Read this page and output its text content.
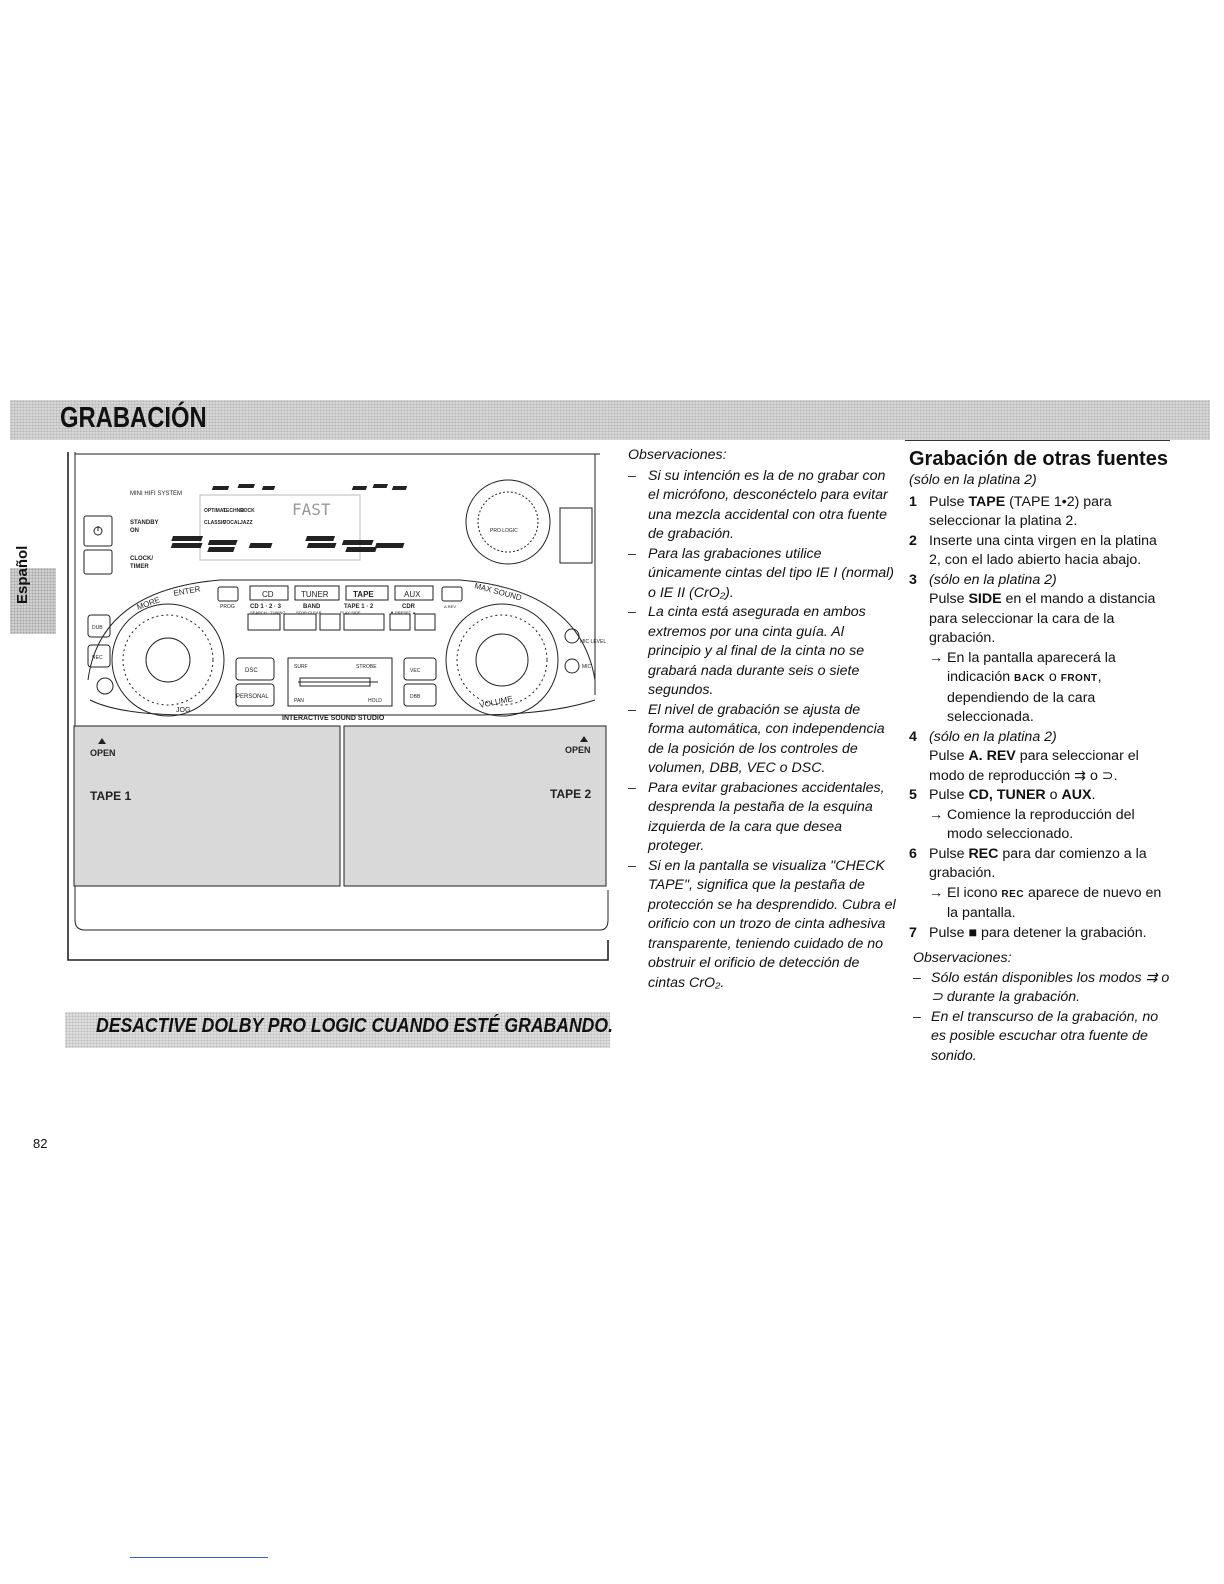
GRABACIÓN
Español
MINI HIFI SYSTEM
FAST
OPTIMAL
TECHNO
ROCK
CLASSIC
VOCAL JAZZ
STANDBY
ON
CLOCK/
TIMER
PRO LOGIC
MORE
ENTER
PROG
CD	TUNER	TAPE	AUX
CD 1 · 2 · 3	BAND	TAPE 1 · 2	CDR	A.REV
SEARCH · TUNING	STOP·CLEAR	PLAY·SIDE	▼ PRESET ▲
MAX SOUND
DSC
PERSONAL
SURF	STROBE
PAN	HOLD
VEC
DBB
JOG
VOLUME
MIC LEVEL
MIC
DUB
REC
INTERACTIVE SOUND STUDIO
OPEN	OPEN
TAPE 1	TAPE 2
Observaciones:
– Si su intención es la de no grabar con el micrófono, desconéctelo para evitar una mezcla accidental con otra fuente de grabación.
– Para las grabaciones utilice únicamente cintas del tipo IE I (normal) o IE II (CrO₂).
– La cinta está asegurada en ambos extremos por una cinta guía. Al principio y al final de la cinta no se grabará nada durante seis o siete segundos.
– El nivel de grabación se ajusta de forma automática, con independencia de la posición de los controles de volumen, DBB, VEC o DSC.
– Para evitar grabaciones accidentales, desprenda la pestaña de la esquina izquierda de la cara que desea proteger.
– Si en la pantalla se visualiza "CHECK TAPE", significa que la pestaña de protección se ha desprendido. Cubra el orificio con un trozo de cinta adhesiva transparente, teniendo cuidado de no obstruir el orificio de detección de cintas CrO₂.
Grabación de otras fuentes
(sólo en la platina 2)
1 Pulse TAPE (TAPE 1•2) para seleccionar la platina 2.
2 Inserte una cinta virgen en la platina 2, con el lado abierto hacia abajo.
3 (sólo en la platina 2)
Pulse SIDE en el mando a distancia para seleccionar la cara de la grabación.
→ En la pantalla aparecerá la indicación BACK o FRONT, dependiendo de la cara seleccionada.
4 (sólo en la platina 2)
Pulse A. REV para seleccionar el modo de reproducción ⇉ o ⊃.
5 Pulse CD, TUNER o AUX.
→ Comience la reproducción del modo seleccionado.
6 Pulse REC para dar comienzo a la grabación.
→ El icono REC aparece de nuevo en la pantalla.
7 Pulse ■ para detener la grabación.
Observaciones:
– Sólo están disponibles los modos ⇉ o ⊃ durante la grabación.
– En el transcurso de la grabación, no es posible escuchar otra fuente de sonido.
DESACTIVE DOLBY PRO LOGIC CUANDO ESTÉ GRABANDO.
82
